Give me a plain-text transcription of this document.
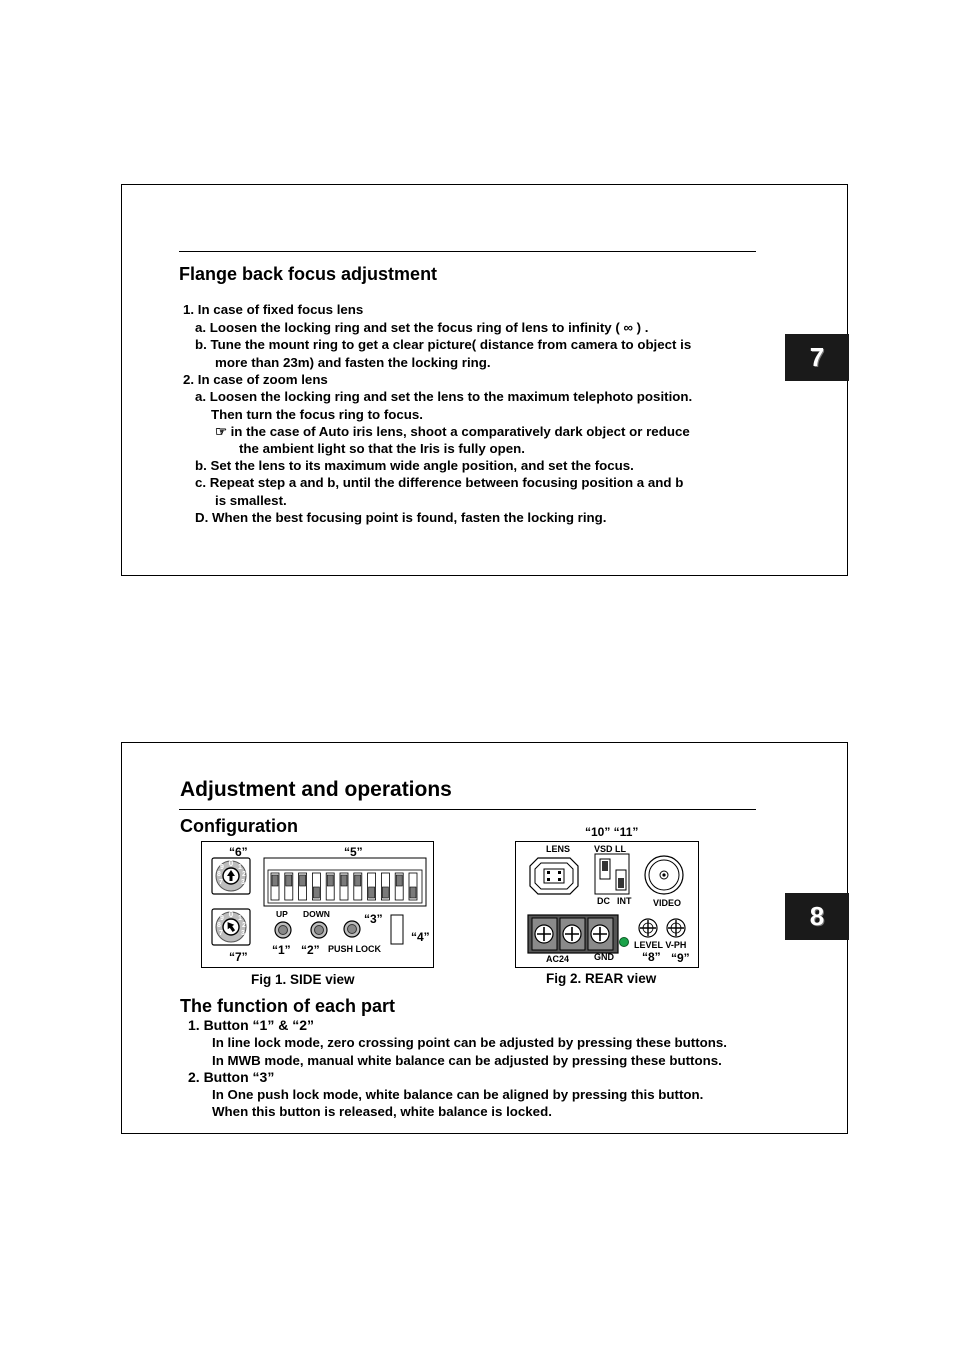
Flange back focus adjustment
1. In case of fixed focus lens
a. Loosen the locking ring and set the focus ring of lens to infinity ( ∞ ) .
b. Tune the mount ring to get a clear picture( distance from camera to object is
more than 23m) and fasten the locking ring.
2. In case of zoom lens
a. Loosen the locking ring and set the lens to the maximum telephoto position.
Then turn the focus ring to focus.
☞ in the case of Auto iris lens, shoot a comparatively dark object or reduce
the ambient light so that the Iris is fully open.
b. Set the lens to its maximum wide angle position, and set the focus.
c. Repeat step a and b, until the difference between focusing position a and b
is smallest.
D. When the best focusing point is found, fasten the locking ring.
7
Adjustment and operations
Configuration
0 1
2
3
7
8
9
0 1
2
3
7
8
9
“6”	“5”
“7”
UP DOWN	“3”
“4”
“1” “2” PUSH LOCK
Fig 1. SIDE view
“10” “11”
LENS	VSD LL
DC INT VIDEO
AC24	GND
LEVEL V-PH
“8” “9”
Fig 2. REAR view
The function of each part
1. Button “1” & “2”
In line lock mode, zero crossing point can be adjusted by pressing these buttons.
In MWB mode, manual white balance can be adjusted by pressing these buttons.
2. Button “3”
In One push lock mode, white balance can be aligned by pressing this button.
When this button is released, white balance is locked.
8
